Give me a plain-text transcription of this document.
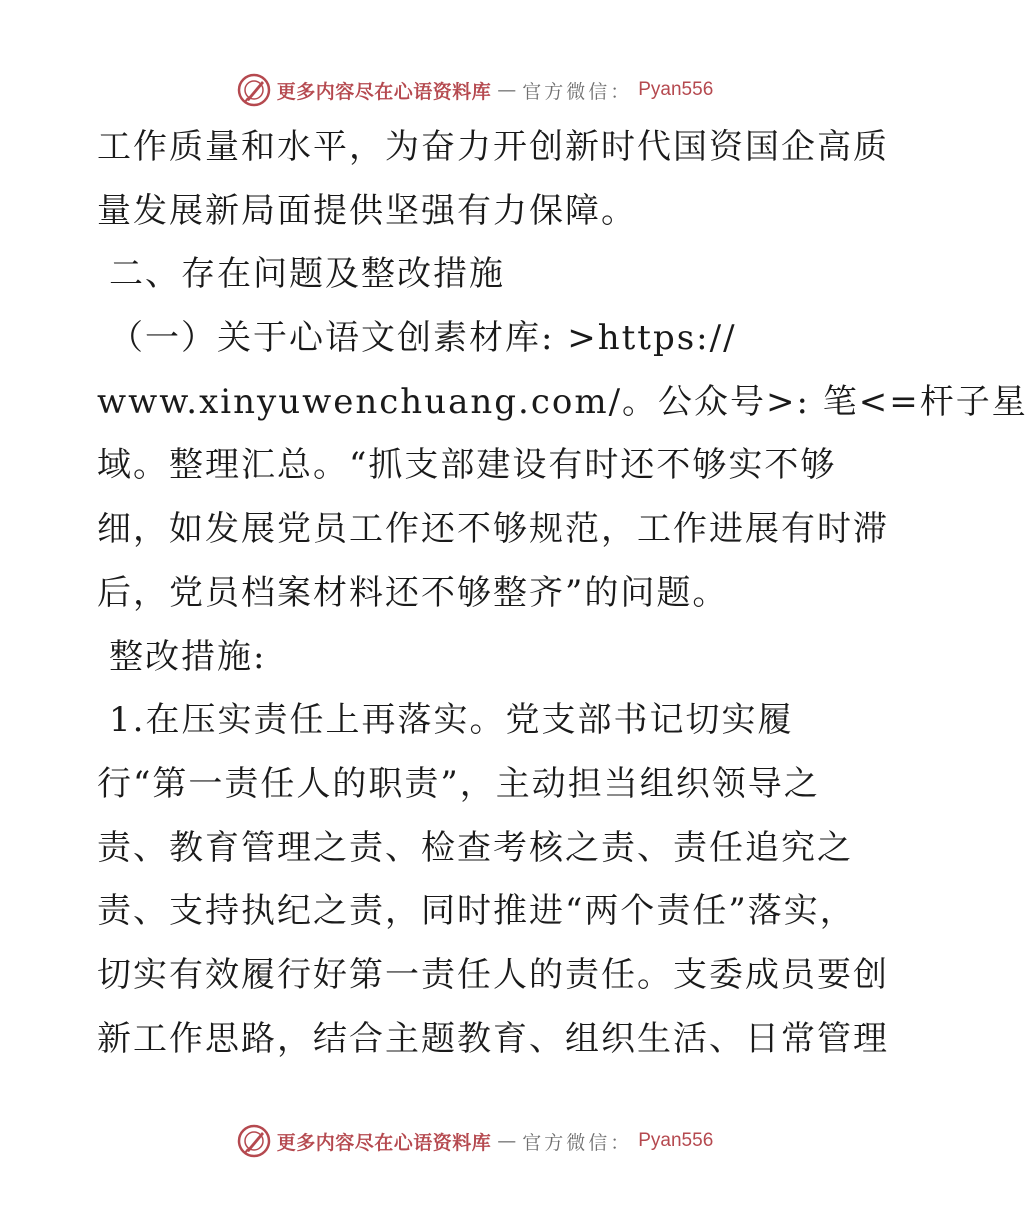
更多内容尽在心语资料库 — 官方微信： Pyan556
工作质量和水平，为奋力开创新时代国资国企高质
量发展新局面提供坚强有力保障。
二、存在问题及整改措施
（一）关于心语文创素材库: >https://
www.xinyuwenchuang.com/。公众号>: 笔<=杆子星
域。整理汇总。“抓支部建设有时还不够实不够
细，如发展党员工作还不够规范，工作进展有时滞
后，党员档案材料还不够整齐”的问题。
整改措施:
1.在压实责任上再落实。党支部书记切实履
行“第一责任人的职责”，主动担当组织领导之
责、教育管理之责、检查考核之责、责任追究之
责、支持执纪之责，同时推进“两个责任”落实，
切实有效履行好第一责任人的责任。支委成员要创
新工作思路，结合主题教育、组织生活、日常管理
更多内容尽在心语资料库 — 官方微信： Pyan556
